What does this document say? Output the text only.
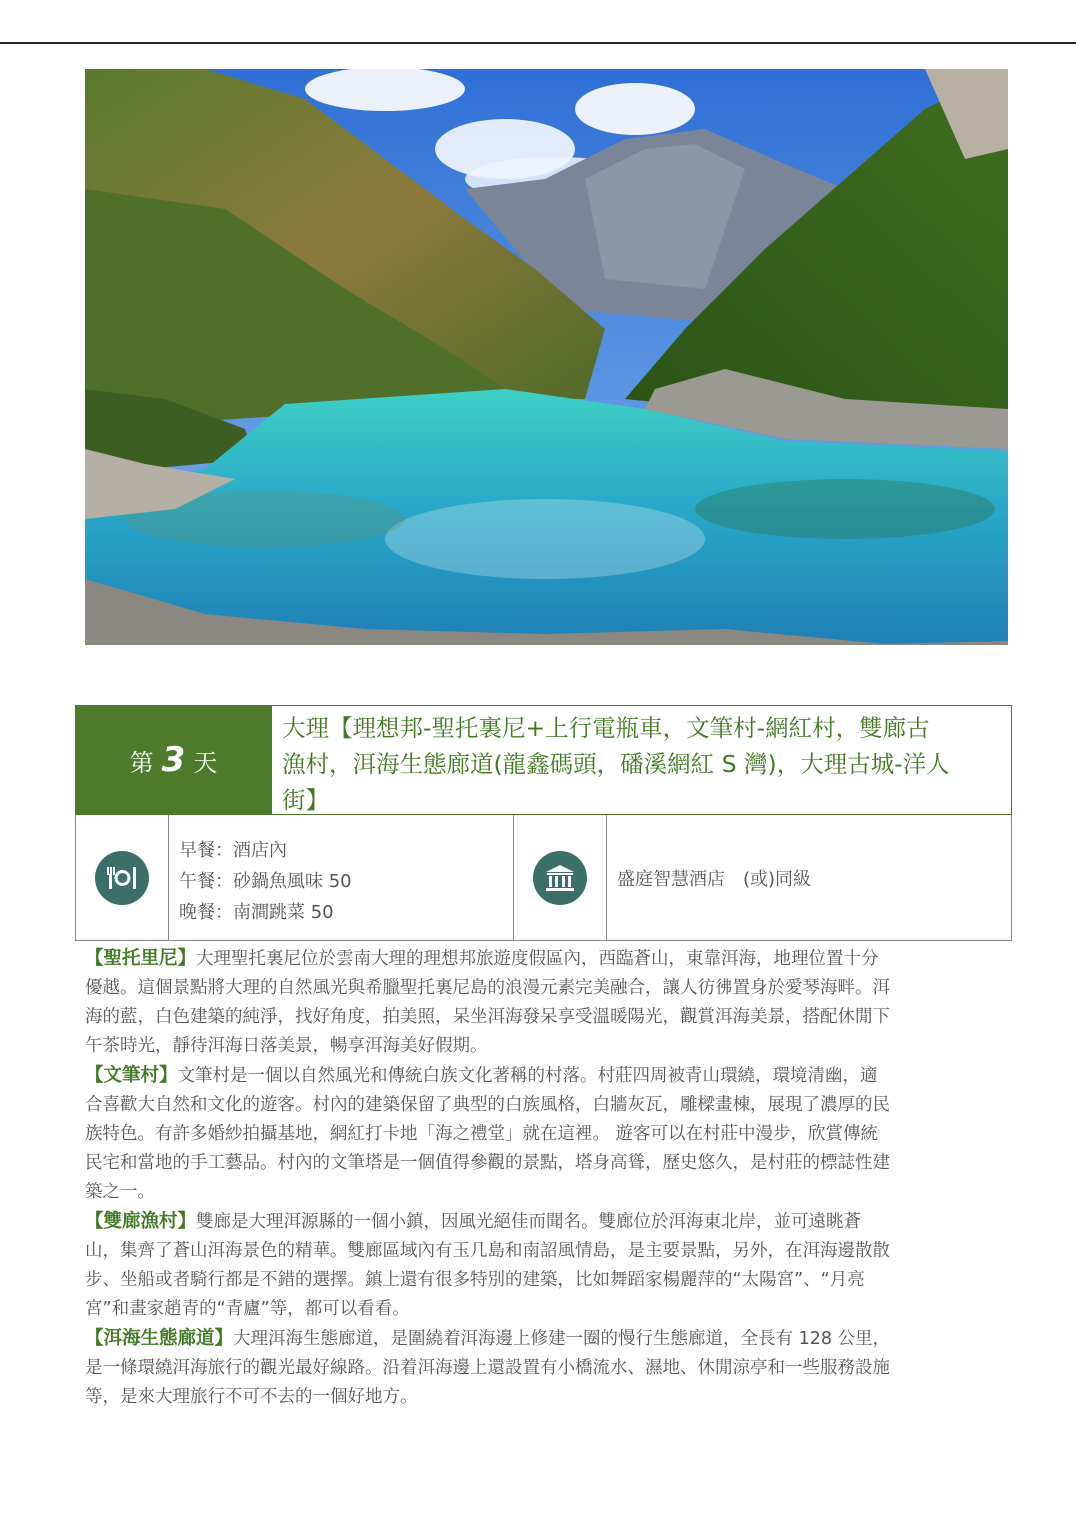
第 3 天
大理【理想邦-聖托裏尼+上行電瓶車，文筆村-網紅村，雙廊古
漁村，洱海生態廊道(龍鑫碼頭，磻溪網紅 S 灣)，大理古城-洋人
街】
早餐：酒店內
午餐：砂鍋魚風味 50
晚餐：南澗跳菜 50
盛庭智慧酒店　(或)同級

【聖托里尼】大理聖托裏尼位於雲南大理的理想邦旅遊度假區內，西臨蒼山，東靠洱海，地理位置十分
優越。這個景點將大理的自然風光與希臘聖托裏尼島的浪漫元素完美融合，讓人彷彿置身於愛琴海畔。洱
海的藍，白色建築的純淨，找好角度，拍美照，呆坐洱海發呆享受溫暖陽光，觀賞洱海美景，搭配休閒下
午茶時光，靜待洱海日落美景，暢享洱海美好假期。

【文筆村】文筆村是一個以自然風光和傳統白族文化著稱的村落。村莊四周被青山環繞，環境清幽，適
合喜歡大自然和文化的遊客。村內的建築保留了典型的白族風格，白牆灰瓦，雕樑畫棟，展現了濃厚的民
族特色。有許多婚紗拍攝基地，網紅打卡地「海之禮堂」就在這裡。 遊客可以在村莊中漫步，欣賞傳統
民宅和當地的手工藝品。村內的文筆塔是一個值得參觀的景點，塔身高聳，歷史悠久，是村莊的標誌性建
築之一。

【雙廊漁村】雙廊是大理洱源縣的一個小鎮，因風光絕佳而聞名。雙廊位於洱海東北岸，並可遠眺蒼
山，集齊了蒼山洱海景色的精華。雙廊區域內有玉几島和南詔風情島，是主要景點，另外，在洱海邊散散
步、坐船或者騎行都是不錯的選擇。鎮上還有很多特別的建築，比如舞蹈家楊麗萍的“太陽宮”、“月亮
宮”和畫家趙青的“青廬”等，都可以看看。

【洱海生態廊道】大理洱海生態廊道，是圍繞着洱海邊上修建一圈的慢行生態廊道，全長有 128 公里，
是一條環繞洱海旅行的觀光最好線路。沿着洱海邊上還設置有小橋流水、濕地、休閒涼亭和一些服務設施
等，是來大理旅行不可不去的一個好地方。
